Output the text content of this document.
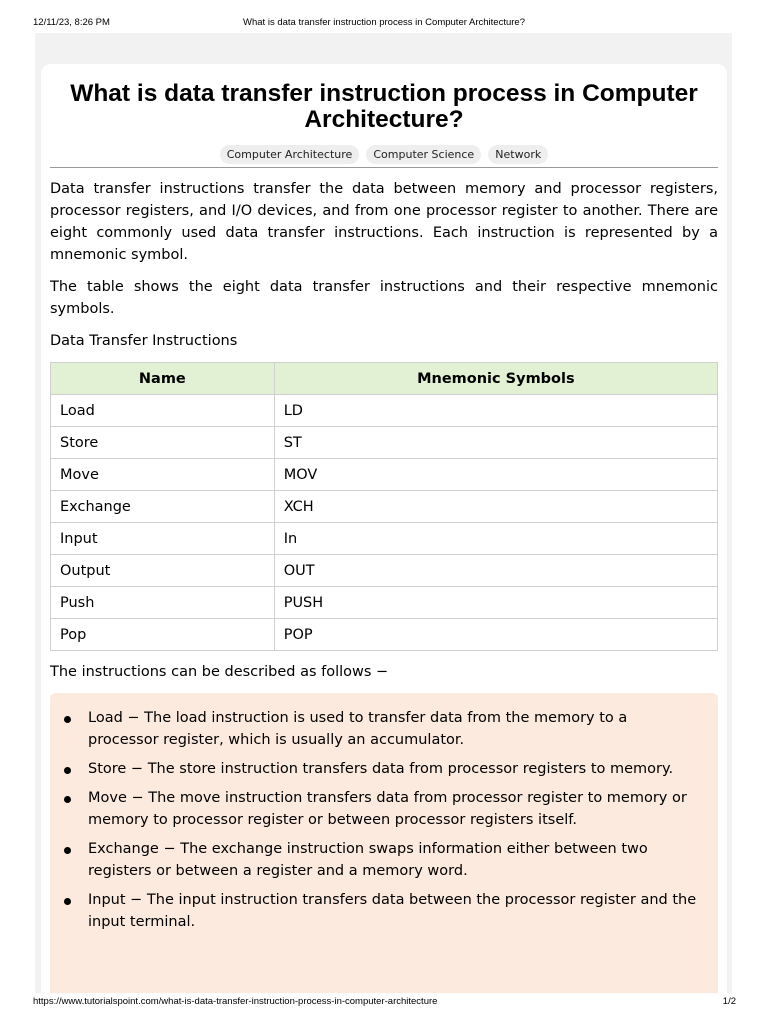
12/11/23, 8:26 PM	What is data transfer instruction process in Computer Architecture?
What is data transfer instruction process in Computer Architecture?
Computer Architecture Computer Science Network

Data transfer instructions transfer the data between memory and processor registers, processor registers, and I/O devices, and from one processor register to another. There are eight commonly used data transfer instructions. Each instruction is represented by a mnemonic symbol.

The table shows the eight data transfer instructions and their respective mnemonic symbols.

Data Transfer Instructions

Name	Mnemonic Symbols
Load	LD
Store	ST
Move	MOV
Exchange	XCH
Input	In
Output	OUT
Push	PUSH
Pop	POP

The instructions can be described as follows −

Load − The load instruction is used to transfer data from the memory to a processor register, which is usually an accumulator.
Store − The store instruction transfers data from processor registers to memory.
Move − The move instruction transfers data from processor register to memory or memory to processor register or between processor registers itself.
Exchange − The exchange instruction swaps information either between two registers or between a register and a memory word.
Input − The input instruction transfers data between the processor register and the input terminal.
https://www.tutorialspoint.com/what-is-data-transfer-instruction-process-in-computer-architecture	1/2
